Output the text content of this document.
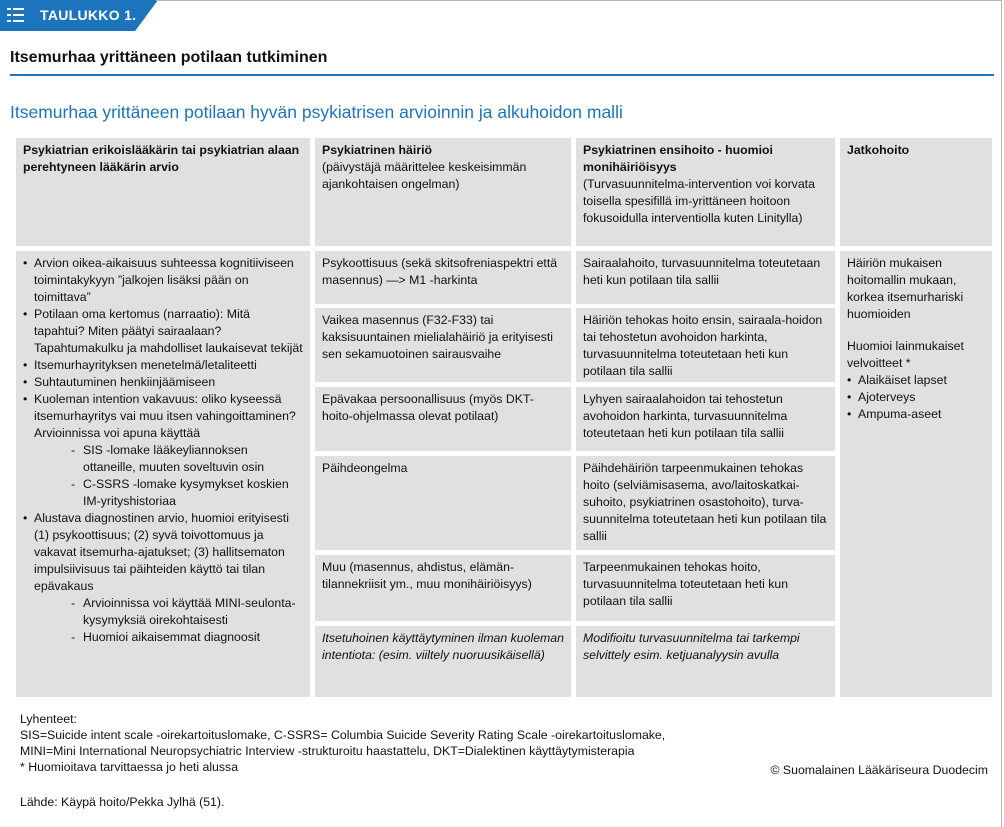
TAULUKKO 1.
Itsemurhaa yrittäneen potilaan tutkiminen
Itsemurhaa yrittäneen potilaan hyvän psykiatrisen arvioinnin ja alkuhoidon malli
Psykiatrian erikoislääkärin tai psykiatrian alaan perehtyneen lääkärin arvio
Psykiatrinen häiriö
(päivystäjä määrittelee keskeisimmän ajankohtaisen ongelman)
Psykiatrinen ensihoito - huomioi monihäiriöisyys
(Turvasuunnitelma-intervention voi korvata toisella spesifillä im-yrittäneen hoitoon fokusoidulla interventiolla kuten Linitylla)
Jatkohoito
• Arvion oikea-aikaisuus suhteessa kognitiiviseen toimintakykyyn ”jalkojen lisäksi pään on toimittava”
• Potilaan oma kertomus (narraatio): Mitä tapahtui? Miten päätyi sairaalaan? Tapahtumakulku ja mahdolliset laukaisevat tekijät
• Itsemurhayrityksen menetelmä/letaliteetti
• Suhtautuminen henkiinjäämiseen
• Kuoleman intention vakavuus: oliko kyseessä itsemurhayritys vai muu itsen vahingoittaminen? Arvioinnissa voi apuna käyttää
- SIS -lomake lääkeyliannoksen ottaneille, muuten soveltuvin osin
- C-SSRS -lomake kysymykset koskien IM-yrityshistoriaa
• Alustava diagnostinen arvio, huomioi erityisesti (1) psykoottisuus; (2) syvä toivottomuus ja vakavat itsemurha-ajatukset; (3) hallitsematon impulsiivisuus tai päihteiden käyttö tai tilan epävakaus
- Arvioinnissa voi käyttää MINI-seulonta-kysymyksiä oirekohtaisesti
- Huomioi aikaisemmat diagnoosit
Psykoottisuus (sekä skitsofreniaspektri että masennus) —> M1 -harkinta
Sairaalahoito, turvasuunnitelma toteutetaan heti kun potilaan tila sallii
Vaikea masennus (F32-F33) tai kaksisuuntainen mielialahäiriö ja erityisesti sen sekamuotoinen sairausvaihe
Häiriön tehokas hoito ensin, sairaala-hoidon tai tehostetun avohoidon harkinta, turvasuunnitelma toteutetaan heti kun potilaan tila sallii
Epävakaa persoonallisuus (myös DKT-hoito-ohjelmassa olevat potilaat)
Lyhyen sairaalahoidon tai tehostetun avohoidon harkinta, turvasuunnitelma toteutetaan heti kun potilaan tila sallii
Päihdeongelma	Päihdehäiriön tarpeenmukainen tehokas hoito (selviämisasema, avo/laitoskatkai-suhoito, psykiatrinen osastohoito), turva-suunnitelma toteutetaan heti kun potilaan tila sallii
Muu (masennus, ahdistus, elämän-tilannekriisit ym., muu monihäiriöisyys)
Tarpeenmukainen tehokas hoito, turvasuunnitelma toteutetaan heti kun potilaan tila sallii
Itsetuhoinen käyttäytyminen ilman kuoleman intentiota: (esim. viiltely nuoruusikäisellä)
Modifioitu turvasuunnitelma tai tarkempi selvittely esim. ketjuanalyysin avulla
Häiriön mukaisen hoitomallin mukaan, korkea itsemurhariski huomioiden
Huomioi lainmukaiset velvoitteet *
• Alaikäiset lapset
• Ajoterveys
• Ampuma-aseet
Lyhenteet:
SIS=Suicide intent scale -oirekartoituslomake, C-SSRS= Columbia Suicide Severity Rating Scale -oirekartoituslomake,
MINI=Mini International Neuropsychiatric Interview -strukturoitu haastattelu, DKT=Dialektinen käyttäytymisterapia
* Huomioitava tarvittaessa jo heti alussa	© Suomalainen Lääkäriseura Duodecim
Lähde: Käypä hoito/Pekka Jylhä (51).
